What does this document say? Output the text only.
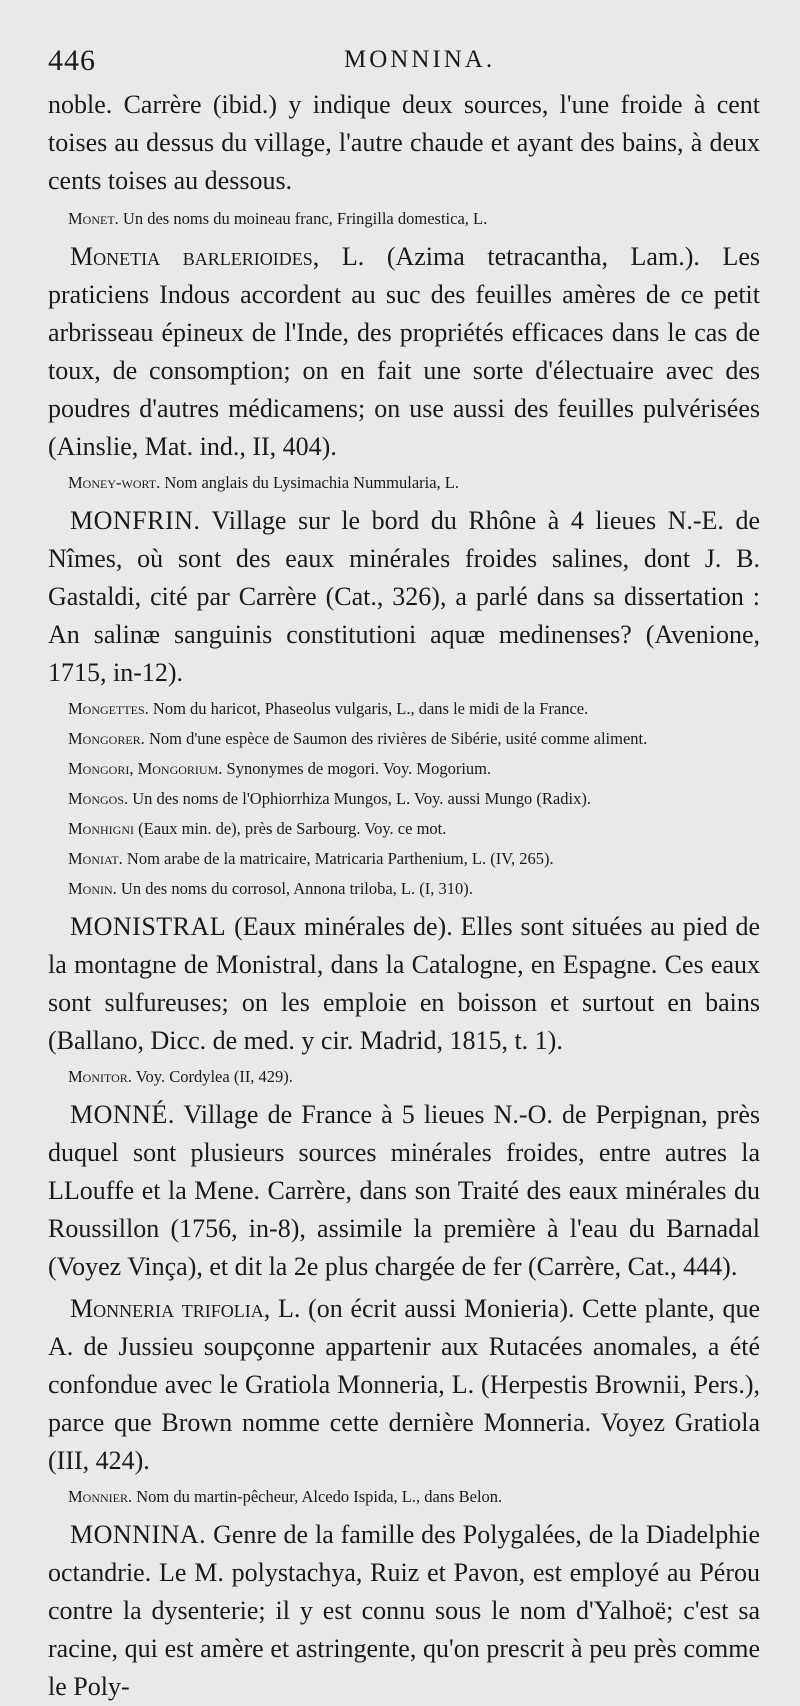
446	MONNINA.

noble. Carrère (ibid.) y indique deux sources, l'une froide à cent toises au dessus du village, l'autre chaude et ayant des bains, à deux cents toises au dessous.

Monet. Un des noms du moineau franc, Fringilla domestica, L.

Monetia barlerioides, L. (Azima tetracantha, Lam.). Les praticiens Indous accordent au suc des feuilles amères de ce petit arbrisseau épineux de l'Inde, des propriétés efficaces dans le cas de toux, de consomption; on en fait une sorte d'électuaire avec des poudres d'autres médicamens; on use aussi des feuilles pulvérisées (Ainslie, Mat. ind., II, 404).

Money-wort. Nom anglais du Lysimachia Nummularia, L.

MONFRIN. Village sur le bord du Rhône à 4 lieues N.-E. de Nîmes, où sont des eaux minérales froides salines, dont J. B. Gastaldi, cité par Carrère (Cat., 326), a parlé dans sa dissertation : An salinæ sanguinis constitutioni aquæ medinenses? (Avenione, 1715, in-12).

Mongettes. Nom du haricot, Phaseolus vulgaris, L., dans le midi de la France.

Mongorer. Nom d'une espèce de Saumon des rivières de Sibérie, usité comme aliment.

Mongori, Mongorium. Synonymes de mogori. Voy. Mogorium.

Mongos. Un des noms de l'Ophiorrhiza Mungos, L. Voy. aussi Mungo (Radix).

Monhigni (Eaux min. de), près de Sarbourg. Voy. ce mot.

Moniat. Nom arabe de la matricaire, Matricaria Parthenium, L. (IV, 265).

Monin. Un des noms du corrosol, Annona triloba, L. (I, 310).

MONISTRAL (Eaux minérales de). Elles sont situées au pied de la montagne de Monistral, dans la Catalogne, en Espagne. Ces eaux sont sulfureuses; on les emploie en boisson et surtout en bains (Ballano, Dicc. de med. y cir. Madrid, 1815, t. 1).

Monitor. Voy. Cordylea (II, 429).

MONNÉ. Village de France à 5 lieues N.-O. de Perpignan, près duquel sont plusieurs sources minérales froides, entre autres la LLouffe et la Mene. Carrère, dans son Traité des eaux minérales du Roussillon (1756, in-8), assimile la première à l'eau du Barnadal (Voyez Vinça), et dit la 2e plus chargée de fer (Carrère, Cat., 444).

Monneria trifolia, L. (on écrit aussi Monieria). Cette plante, que A. de Jussieu soupçonne appartenir aux Rutacées anomales, a été confondue avec le Gratiola Monneria, L. (Herpestis Brownii, Pers.), parce que Brown nomme cette dernière Monneria. Voyez Gratiola (III, 424).

Monnier. Nom du martin-pêcheur, Alcedo Ispida, L., dans Belon.

MONNINA. Genre de la famille des Polygalées, de la Diadelphie octandrie. Le M. polystachya, Ruiz et Pavon, est employé au Pérou contre la dysenterie; il y est connu sous le nom d'Yalhoë; c'est sa racine, qui est amère et astringente, qu'on prescrit à peu près comme le Poly-
